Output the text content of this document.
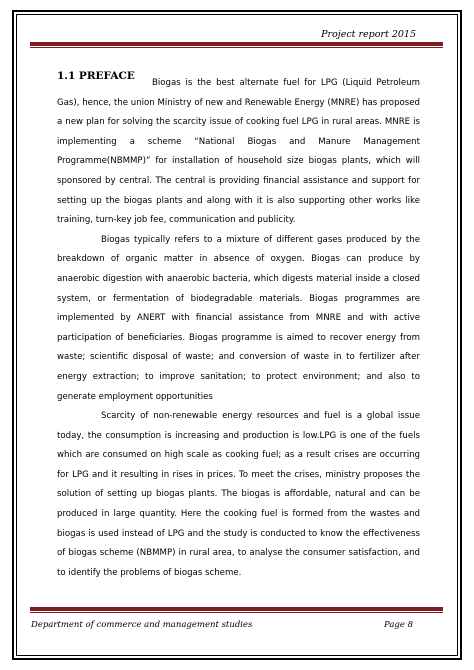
Project report 2015
1.1 PREFACE

Biogas is the best alternate fuel for LPG (Liquid Petroleum Gas), hence, the union Ministry of new and Renewable Energy (MNRE) has proposed a new plan for solving the scarcity issue of cooking fuel LPG in rural areas. MNRE is implementing a scheme “National Biogas and Manure Management Programme(NBMMP)” for installation of household size biogas plants, which will sponsored by central. The central is providing financial assistance and support for setting up the biogas plants and along with it is also supporting other works like training, turn-key job fee, communication and publicity.

Biogas typically refers to a mixture of different gases produced by the breakdown of organic matter in absence of oxygen. Biogas can produce by anaerobic digestion with anaerobic bacteria, which digests material inside a closed system, or fermentation of biodegradable materials. Biogas programmes are implemented by ANERT with financial assistance from MNRE and with active participation of beneficiaries. Biogas programme is aimed to recover energy from waste; scientific disposal of waste; and conversion of waste in to fertilizer after energy extraction; to improve sanitation; to protect environment; and also to generate employment opportunities

Scarcity of non-renewable energy resources and fuel is a global issue today, the consumption is increasing and production is low.LPG is one of the fuels which are consumed on high scale as cooking fuel; as a result crises are occurring for LPG and it resulting in rises in prices. To meet the crises, ministry proposes the solution of setting up biogas plants. The biogas is affordable, natural and can be produced in large quantity. Here the cooking fuel is formed from the wastes and biogas is used instead of LPG and the study is conducted to know the effectiveness of biogas scheme (NBMMP) in rural area, to analyse the consumer satisfaction, and to identify the problems of biogas scheme.

Department of commerce and management studies	Page 8
